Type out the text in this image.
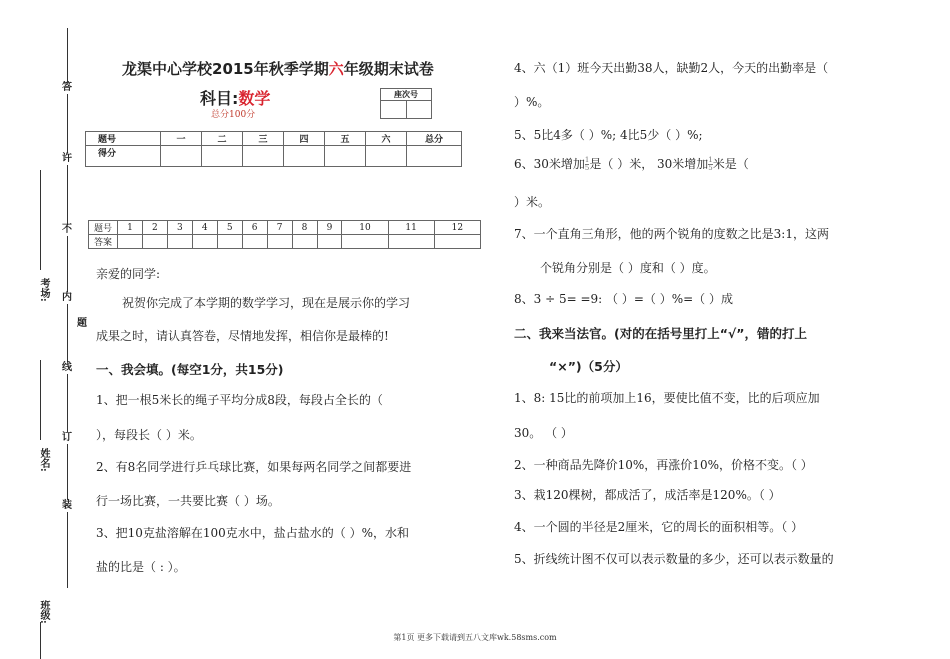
答
许
不
内
题
线
订
装
考场:
姓名:
班级:
龙渠中心学校2015年秋季学期六年级期末试卷
科目:数学
总分100分
座次号

题号	一	二	三	四	五	六	总分
得分							
题号	1	2	3	4	5	6	7	8	9	10	11	12
答案												
亲爱的同学:
祝贺你完成了本学期的数学学习，现在是展示你的学习
成果之时，请认真答卷，尽情地发挥，相信你是最棒的!
一、我会填。(每空1分，共15分)
1、把一根5米长的绳子平均分成8段，每段占全长的（
），每段长（ ）米。
2、有8名同学进行乒乓球比赛，如果每两名同学之间都要进
行一场比赛，一共要比赛（ ）场。
3、把10克盐溶解在100克水中，盐占盐水的（ ）%，水和
盐的比是（ : ）。
4、六（1）班今天出勤38人，缺勤2人，今天的出勤率是（
）%。
5、5比4多（ ）%; 4比5少（ ）%;
6、30米增加 $\frac{1}{5}$ 是（ ）米， 30米增加 $\frac{1}{5}$ 米是（
）米。
7、一个直角三角形，他的两个锐角的度数之比是3:1，这两
个锐角分别是（ ）度和（ ）度。
8、3 ÷ 5= =9: （ ）=（ ）%=（ ）成
二、我来当法官。(对的在括号里打上“√”，错的打上
“×”)（5分）
1、8: 15比的前项加上16，要使比值不变，比的后项应加
30。 （ ）
2、一种商品先降价10%，再涨价10%，价格不变。（ ）
3、栽120棵树，都成活了，成活率是120%。（ ）
4、一个圆的半径是2厘米，它的周长的面积相等。（ ）
5、折线统计图不仅可以表示数量的多少，还可以表示数量的
第1页 更多下载请到五八文库wk.58sms.com
